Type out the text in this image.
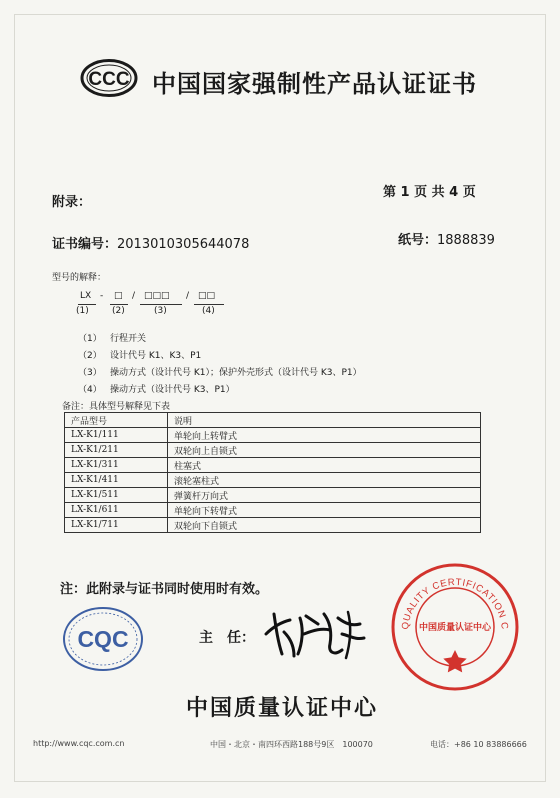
CCC 中国国家强制性产品认证证书
附录：
第 1 页 共 4 页
证书编号：2013010305644078	纸号：1888839
型号的解释：
LX - □ / □□□ / □□
(1)	(2)	(3)	(4)
（1） 行程开关
（2） 设计代号 K1、K3、P1
（3） 操动方式（设计代号 K1）；保护外壳形式（设计代号 K3、P1）
（4） 操动方式（设计代号 K3、P1）
备注：具体型号解释见下表
产品型号	说明
LX-K1/111	单轮向上转臂式
LX-K1/211	双轮向上自锁式
LX-K1/311	柱塞式
LX-K1/411	滚轮塞柱式
LX-K1/511	弹簧杆万向式
LX-K1/611	单轮向下转臂式
LX-K1/711	双轮向下自锁式
注：此附录与证书同时使用时有效。
CQC	主　任：
QUALITY CERTIFICATION C
中国质量认证中心
中国质量认证中心
http://www.cqc.com.cn	中国・北京・南四环西路188号9区　100070	电话：+86 10 83886666
